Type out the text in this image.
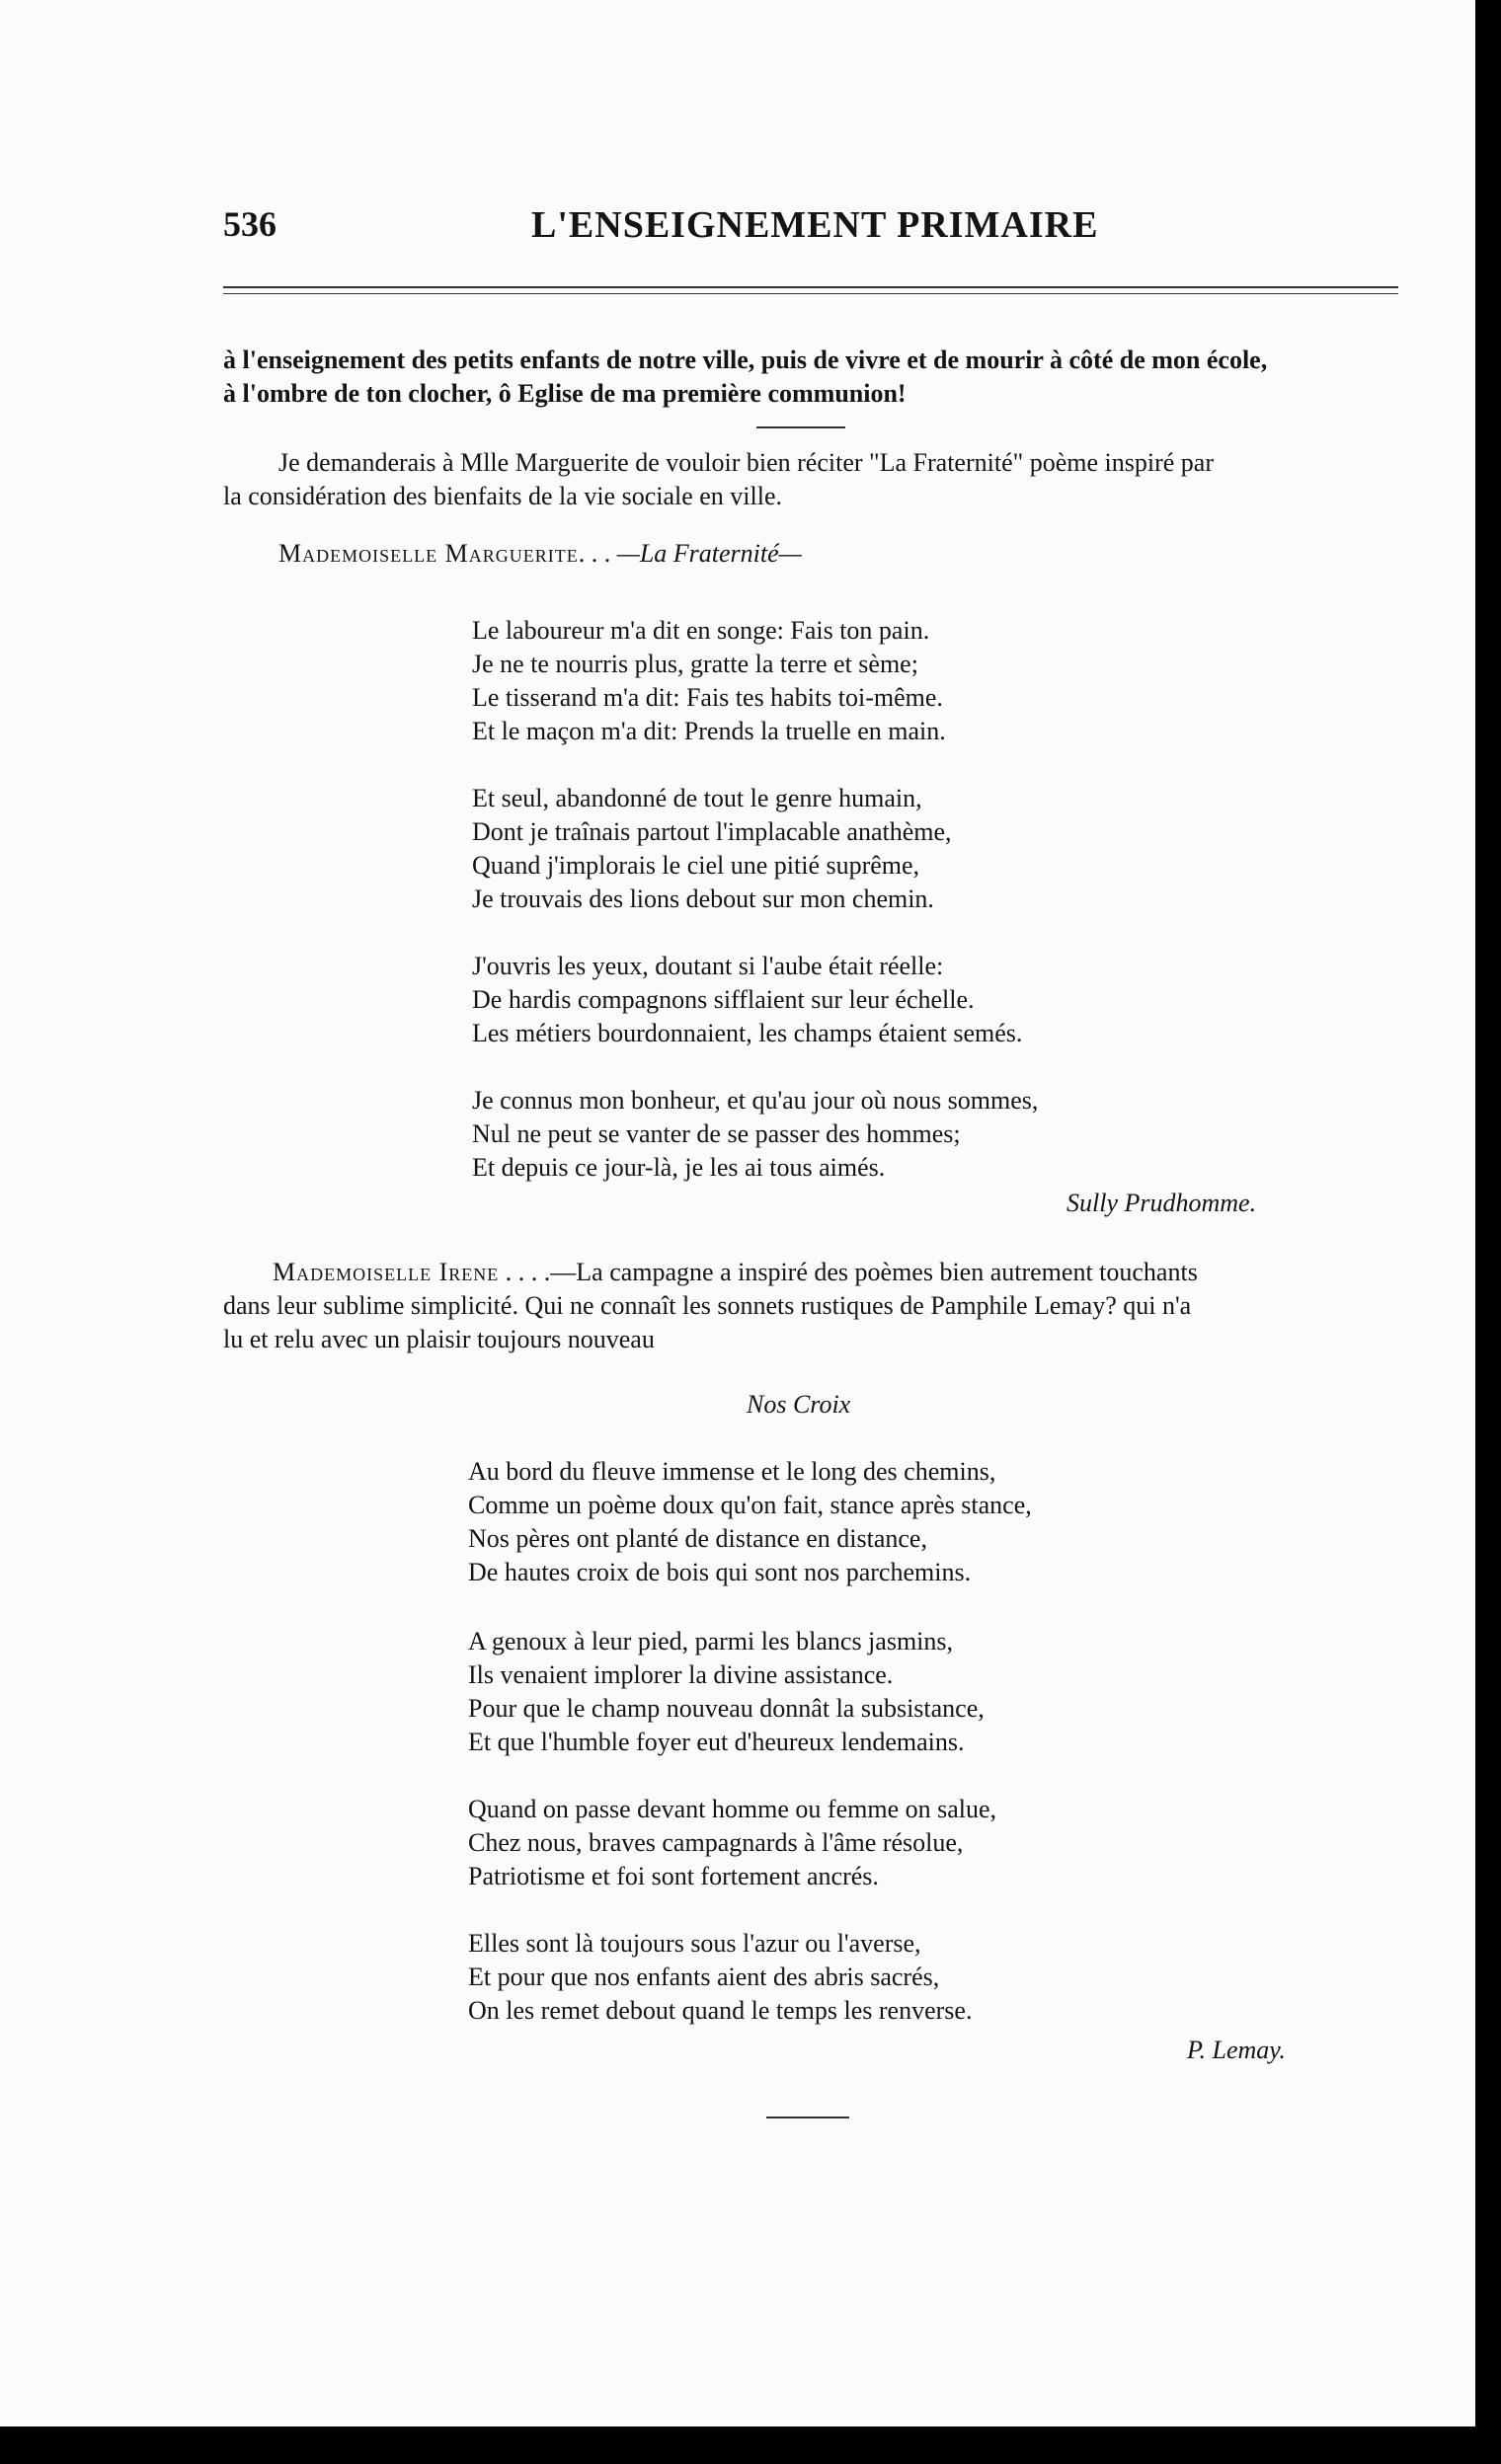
536	L'ENSEIGNEMENT PRIMAIRE

à l'enseignement des petits enfants de notre ville, puis de vivre et de mourir à côté de mon école,
à l'ombre de ton clocher, ô Eglise de ma première communion!

Je demanderais à Mlle Marguerite de vouloir bien réciter "La Fraternité" poème inspiré par
la considération des bienfaits de la vie sociale en ville.

Mademoiselle Marguerite. . . —La Fraternité—
Le laboureur m'a dit en songe: Fais ton pain.
Je ne te nourris plus, gratte la terre et sème;
Le tisserand m'a dit: Fais tes habits toi-même.
Et le maçon m'a dit: Prends la truelle en main.
Et seul, abandonné de tout le genre humain,
Dont je traînais partout l'implacable anathème,
Quand j'implorais le ciel une pitié suprême,
Je trouvais des lions debout sur mon chemin.
J'ouvris les yeux, doutant si l'aube était réelle:
De hardis compagnons sifflaient sur leur échelle.
Les métiers bourdonnaient, les champs étaient semés.
Je connus mon bonheur, et qu'au jour où nous sommes,
Nul ne peut se vanter de se passer des hommes;
Et depuis ce jour-là, je les ai tous aimés.
Sully Prudhomme.
Mademoiselle Irene . . . .—La campagne a inspiré des poèmes bien autrement touchants
dans leur sublime simplicité. Qui ne connaît les sonnets rustiques de Pamphile Lemay? qui n'a
lu et relu avec un plaisir toujours nouveau
Nos Croix
Au bord du fleuve immense et le long des chemins,
Comme un poème doux qu'on fait, stance après stance,
Nos pères ont planté de distance en distance,
De hautes croix de bois qui sont nos parchemins.
A genoux à leur pied, parmi les blancs jasmins,
Ils venaient implorer la divine assistance.
Pour que le champ nouveau donnât la subsistance,
Et que l'humble foyer eut d'heureux lendemains.
Quand on passe devant homme ou femme on salue,
Chez nous, braves campagnards à l'âme résolue,
Patriotisme et foi sont fortement ancrés.
Elles sont là toujours sous l'azur ou l'averse,
Et pour que nos enfants aient des abris sacrés,
On les remet debout quand le temps les renverse.
P. Lemay.
